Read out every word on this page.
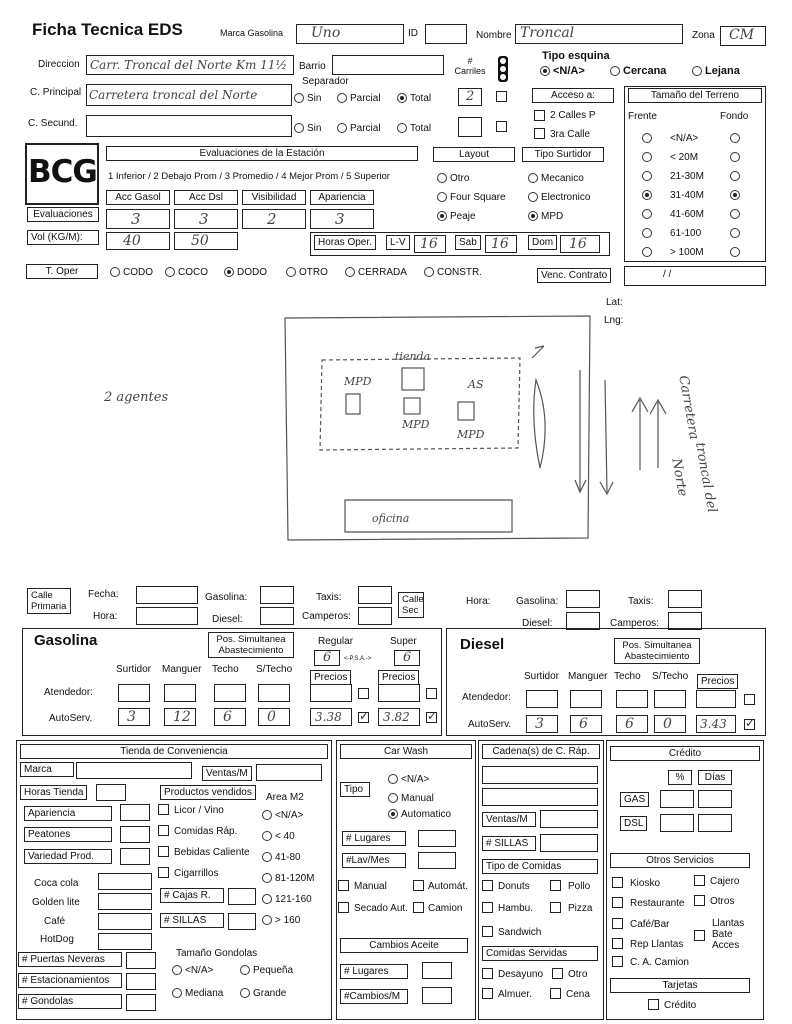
Ficha Tecnica EDS	Marca Gasolina Uno	ID	Nombre Troncal	Zona CM
Direccion Carr. Troncal del Norte Km 11½ Barrio	# Carriles
Tipo esquina
<N/A>	Cercana	Lejana
C. Principal Carretera troncal del Norte
Separador
Sin	Parcial	Total	2
C. Secund.	Sin	Parcial	Total
Acceso a:
2 Calles P
3ra Calle
Tamaño del Terreno
Frente	Fondo
<N/A>
< 20M
21-30M
31-40M
41-60M
61-100
> 100M
BCG
Evaluaciones de la Estación
1 Inferior / 2 Debajo Prom / 3 Promedio / 4 Mejor Prom / 5 Superior
Acc Gasol
3
Acc Dsl
3
Visibilidad
2
Apariencia
3
Evaluaciones
Vol (KG/M):	40	50
Layout	Tipo Surtidor
Otro
Four Square
Peaje
Mecanico
Electronico
MPD
Horas Oper.	L-V 16	Sab 16	Dom 16
T. Oper	CODO	COCO	DODO	OTRO	CERRADA	CONSTR.	Venc. Contrato	/ /
Lat:
Lng:
2 agentes
tienda
MPD	AS
MPD
MPD
oficina
Carretera
troncal del
Norte
Calle Primaria
Fecha:
Hora:
Gasolina:
Diesel:
Taxis:
Camperos:
Calle Sec
Hora:	Gasolina:
Diesel:
Taxis:
Camperos:
Gasolina	Pos. Simultanea Abastecimiento
Regular	Super
6 <-P.S.A.-> 6
Surtidor Manguer Techo S/Techo
Precios	Precios
Atendedor:
AutoServ. 3	12 6	0	3.38
✓	3.82
✓
Diesel	Pos. Simultanea Abastecimiento
Surtidor Manguer Techo S/Techo	Precios
Atendedor:
AutoServ. 3	6	6 0 3.43
✓
Tienda de Conveniencia
Marca	Ventas/M
Horas Tienda	Productos vendidos	Area M2
Apariencia
Peatones
Variedad Prod.
Licor / Vino
Comidas Ráp.
Bebidas Caliente
Cigarrillos
<N/A>
< 40
41-80
81-120M
121-160
> 160
Coca cola
Golden lite
Café
HotDog
# Cajas R.
# SILLAS
# Puertas Neveras
# Estacionamientos
# Gondolas
Tamaño Gondolas
<N/A>	Pequeña
Mediana	Grande
Car Wash
Tipo
<N/A>
Manual
Automatico
# Lugares
#Lav/Mes
Manual	Automát.
Secado Aut. Camion
Cambios Aceite
# Lugares
#Cambios/M
Cadena(s) de C. Ráp.
Ventas/M
# SILLAS
Tipo de Comidas
Donuts	Pollo
Hambu.	Pizza
Sandwich
Comidas Servidas
Desayuno Otro
Almuer.	Cena
Crédito
%	Días
GAS
DSL
Otros Servicios
Kiosko	Cajero
Restaurante	Otros
Café/Bar	Llantas Bate Acces
Rep Llantas
C. A. Camion
Tarjetas
Crédito
